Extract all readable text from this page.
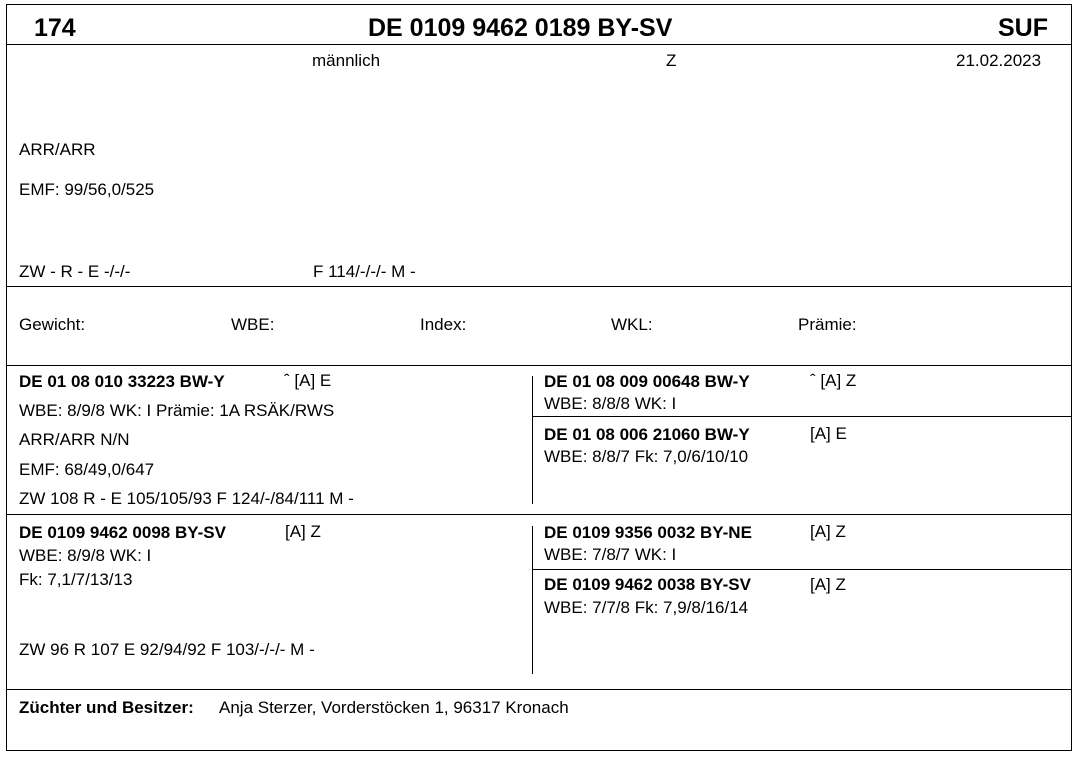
174	DE 0109 9462 0189 BY-SV	SUF
männlich	Z	21.02.2023
ARR/ARR
EMF: 99/56,0/525
ZW - R - E -/-/-	F 114/-/-/- M -
Gewicht:	WBE:	Index:	WKL:	Prämie:
DE 01 08 010 33223 BW-Y	ˆ [A] E
WBE: 8/9/8 WK: I Prämie: 1A RSÄK/RWS
ARR/ARR N/N
EMF: 68/49,0/647
ZW 108 R - E 105/105/93 F 124/-/84/111 M -
DE 01 08 009 00648 BW-Y	ˆ [A] Z
WBE: 8/8/8 WK: I
DE 01 08 006 21060 BW-Y	[A] E
WBE: 8/8/7 Fk: 7,0/6/10/10
DE 0109 9462 0098 BY-SV	[A] Z
WBE: 8/9/8 WK: I
Fk: 7,1/7/13/13
ZW 96 R 107 E 92/94/92 F 103/-/-/- M -
DE 0109 9356 0032 BY-NE	[A] Z
WBE: 7/8/7 WK: I
DE 0109 9462 0038 BY-SV	[A] Z
WBE: 7/7/8 Fk: 7,9/8/16/14
Züchter und Besitzer: Anja Sterzer, Vorderstöcken 1, 96317 Kronach
